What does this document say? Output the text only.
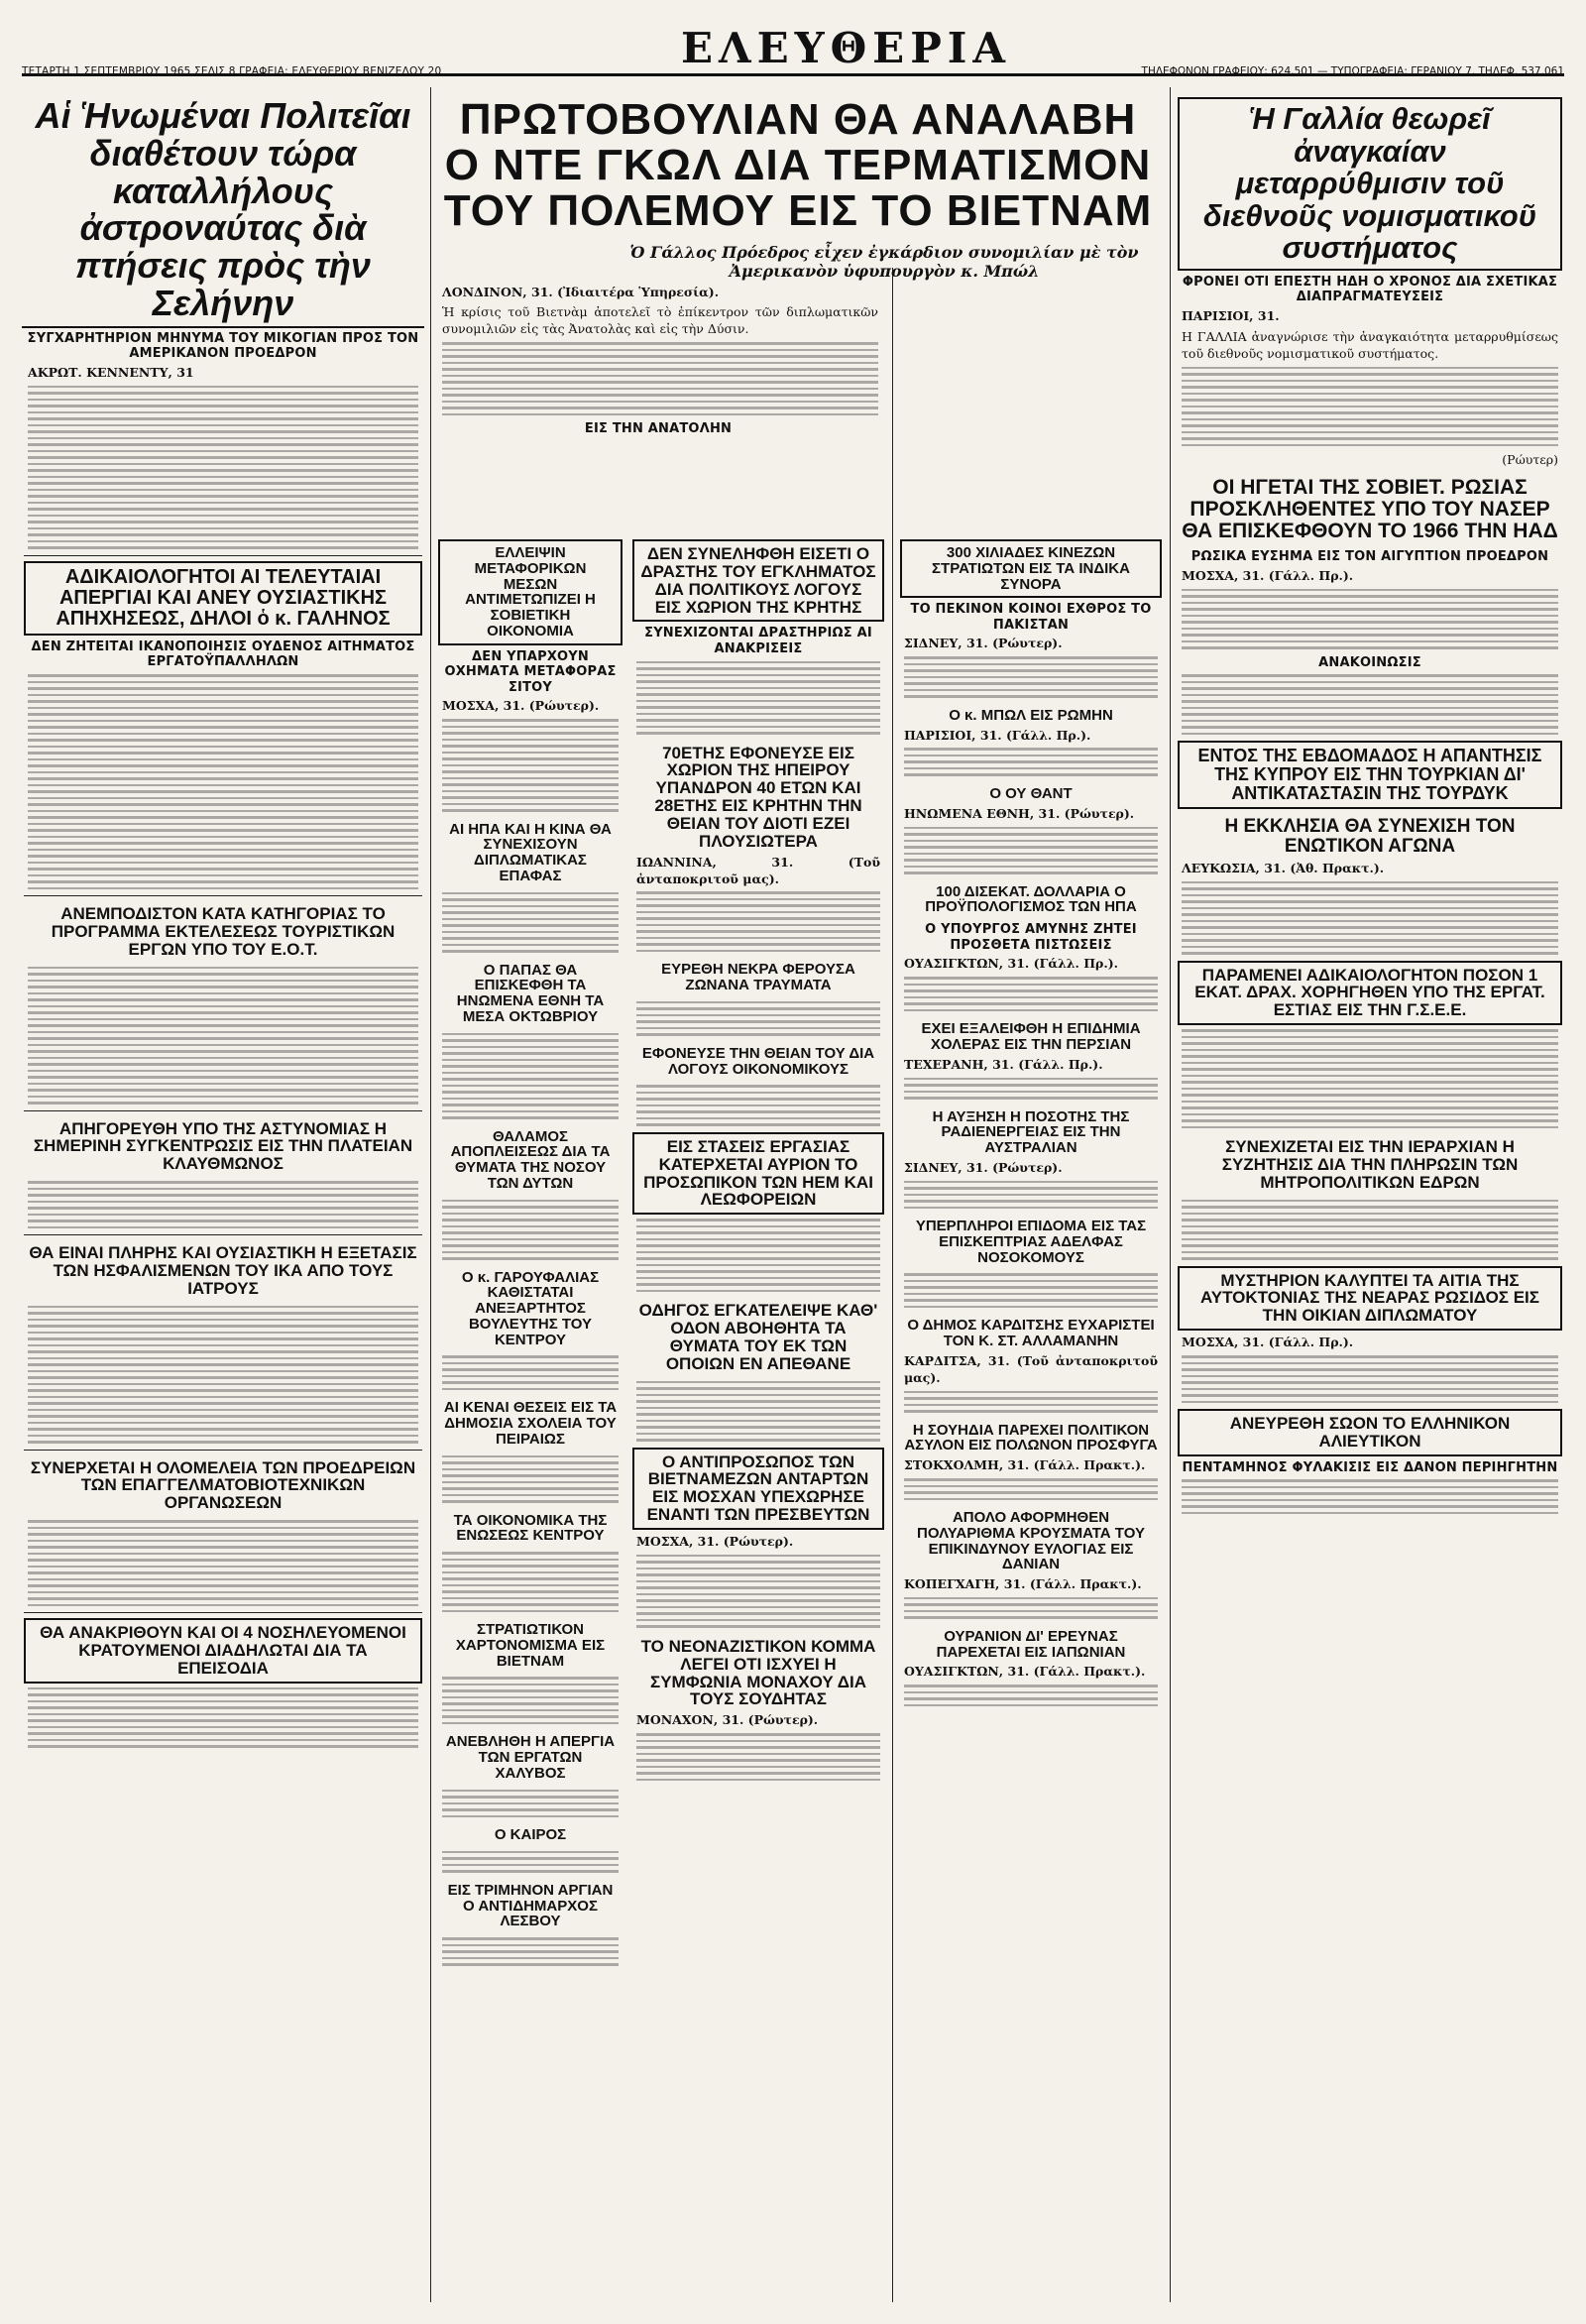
ΤΕΤΑΡΤΗ 1 ΣΕΠΤΕΜΒΡΙΟΥ 1965 ΣΕΛΙΣ 8 ΓΡΑΦΕΙΑ: ΕΛΕΥΘΕΡΙΟΥ ΒΕΝΙΖΕΛΟΥ 20	ΕΛΕΥΘΕΡΙΑ	ΤΗΛΕΦΩΝΟΝ ΓΡΑΦΕΙΟΥ: 624.501 — ΤΥΠΟΓΡΑΦΕΙΑ: ΓΕΡΑΝΙΟΥ 7. ΤΗΛΕΦ. 537.061
Αἱ Ἡνωμέναι Πολιτεῖαι διαθέτουν τώρα καταλλήλους ἀστροναύτας διὰ πτήσεις πρὸς τὴν Σελήνην
ΣΥΓΧΑΡΗΤΗΡΙΟΝ ΜΗΝΥΜΑ ΤΟΥ ΜΙΚΟΓΙΑΝ ΠΡΟΣ ΤΟΝ ΑΜΕΡΙΚΑΝΟΝ ΠΡΟΕΔΡΟΝ
ΑΚΡΩΤ. ΚΕΝΝΕΝΤΥ, 31
ΑΔΙΚΑΙΟΛΟΓΗΤΟΙ ΑΙ ΤΕΛΕΥΤΑΙΑΙ ΑΠΕΡΓΙΑΙ ΚΑΙ ΑΝΕΥ ΟΥΣΙΑΣΤΙΚΗΣ ΑΠΗΧΗΣΕΩΣ, ΔΗΛΟΙ ὁ κ. ΓΑΛΗΝΟΣ
ΔΕΝ ΖΗΤΕΙΤΑΙ ΙΚΑΝΟΠΟΙΗΣΙΣ ΟΥΔΕΝΟΣ ΑΙΤΗΜΑΤΟΣ ΕΡΓΑΤΟΫΠΑΛΛΗΛΩΝ
ΑΝΕΜΠΟΔΙΣΤΟΝ ΚΑΤΑ ΚΑΤΗΓΟΡΙΑΣ ΤΟ ΠΡΟΓΡΑΜΜΑ ΕΚΤΕΛΕΣΕΩΣ ΤΟΥΡΙΣΤΙΚΩΝ ΕΡΓΩΝ ΥΠΟ ΤΟΥ Ε.Ο.Τ.
ΑΠΗΓΟΡΕΥΘΗ ΥΠΟ ΤΗΣ ΑΣΤΥΝΟΜΙΑΣ Η ΣΗΜΕΡΙΝΗ ΣΥΓΚΕΝΤΡΩΣΙΣ ΕΙΣ ΤΗΝ ΠΛΑΤΕΙΑΝ ΚΛΑΥΘΜΩΝΟΣ
ΘΑ ΕΙΝΑΙ ΠΛΗΡΗΣ ΚΑΙ ΟΥΣΙΑΣΤΙΚΗ Η ΕΞΕΤΑΣΙΣ ΤΩΝ ΗΣΦΑΛΙΣΜΕΝΩΝ ΤΟΥ ΙΚΑ ΑΠΟ ΤΟΥΣ ΙΑΤΡΟΥΣ
ΣΥΝΕΡΧΕΤΑΙ Η ΟΛΟΜΕΛΕΙΑ ΤΩΝ ΠΡΟΕΔΡΕΙΩΝ ΤΩΝ ΕΠΑΓΓΕΛΜΑΤΟΒΙΟΤΕΧΝΙΚΩΝ ΟΡΓΑΝΩΣΕΩΝ
ΘΑ ΑΝΑΚΡΙΘΟΥΝ ΚΑΙ ΟΙ 4 ΝΟΣΗΛΕΥΟΜΕΝΟΙ ΚΡΑΤΟΥΜΕΝΟΙ ΔΙΑΔΗΛΩΤΑΙ ΔΙΑ ΤΑ ΕΠΕΙΣΟΔΙΑ
ΠΡΩΤΟΒΟΥΛΙΑΝ ΘΑ ΑΝΑΛΑΒΗ Ο ΝΤΕ ΓΚΩΛ ΔΙΑ ΤΕΡΜΑΤΙΣΜΟΝ ΤΟΥ ΠΟΛΕΜΟΥ ΕΙΣ ΤΟ ΒΙΕΤΝΑΜ
Ὁ Γάλλος Πρόεδρος εἶχεν ἐγκάρδιον συνομιλίαν μὲ τὸν Ἀμερικανὸν ὑφυπουργὸν κ. Μπώλ
ΛΟΝΔΙΝΟΝ, 31. (Ἰδιαιτέρα Ὑπηρεσία).
Ἡ κρίσις τοῦ Βιετνὰμ ἀποτελεῖ τὸ ἐπίκεντρον τῶν διπλωματικῶν συνομιλιῶν εἰς τὰς Ἀνατολὰς καὶ εἰς τὴν Δύσιν.
ΕΙΣ ΤΗΝ ΑΝΑΤΟΛΗΝ
ΕΛΛΕΙΨΙΝ ΜΕΤΑΦΟΡΙΚΩΝ ΜΕΣΩΝ ΑΝΤΙΜΕΤΩΠΙΖΕΙ Η ΣΟΒΙΕΤΙΚΗ ΟΙΚΟΝΟΜΙΑ
ΔΕΝ ΥΠΑΡΧΟΥΝ ΟΧΗΜΑΤΑ ΜΕΤΑΦΟΡΑΣ ΣΙΤΟΥ
ΜΟΣΧΑ, 31. (Ρώυτερ).
ΑΙ ΗΠΑ ΚΑΙ Η ΚΙΝΑ ΘΑ ΣΥΝΕΧΙΣΟΥΝ ΔΙΠΛΩΜΑΤΙΚΑΣ ΕΠΑΦΑΣ
Ο ΠΑΠΑΣ ΘΑ ΕΠΙΣΚΕΦΘΗ ΤΑ ΗΝΩΜΕΝΑ ΕΘΝΗ ΤΑ ΜΕΣΑ ΟΚΤΩΒΡΙΟΥ
ΘΑΛΑΜΟΣ ΑΠΟΠΛΕΙΣΕΩΣ ΔΙΑ ΤΑ ΘΥΜΑΤΑ ΤΗΣ ΝΟΣΟΥ ΤΩΝ ΔΥΤΩΝ
Ο κ. ΓΑΡΟΥΦΑΛΙΑΣ ΚΑΘΙΣΤΑΤΑΙ ΑΝΕΞΑΡΤΗΤΟΣ ΒΟΥΛΕΥΤΗΣ ΤΟΥ ΚΕΝΤΡΟΥ
ΑΙ ΚΕΝΑΙ ΘΕΣΕΙΣ ΕΙΣ ΤΑ ΔΗΜΟΣΙΑ ΣΧΟΛΕΙΑ ΤΟΥ ΠΕΙΡΑΙΩΣ
ΤΑ ΟΙΚΟΝΟΜΙΚΑ ΤΗΣ ΕΝΩΣΕΩΣ ΚΕΝΤΡΟΥ
ΣΤΡΑΤΙΩΤΙΚΟΝ ΧΑΡΤΟΝΟΜΙΣΜΑ ΕΙΣ ΒΙΕΤΝΑΜ
ΑΝΕΒΛΗΘΗ Η ΑΠΕΡΓΙΑ ΤΩΝ ΕΡΓΑΤΩΝ ΧΑΛΥΒΟΣ
Ο ΚΑΙΡΟΣ
ΕΙΣ ΤΡΙΜΗΝΟΝ ΑΡΓΙΑΝ Ο ΑΝΤΙΔΗΜΑΡΧΟΣ ΛΕΣΒΟΥ
ΔΕΝ ΣΥΝΕΛΗΦΘΗ ΕΙΣΕΤΙ Ο ΔΡΑΣΤΗΣ ΤΟΥ ΕΓΚΛΗΜΑΤΟΣ ΔΙΑ ΠΟΛΙΤΙΚΟΥΣ ΛΟΓΟΥΣ ΕΙΣ ΧΩΡΙΟΝ ΤΗΣ ΚΡΗΤΗΣ
ΣΥΝΕΧΙΖΟΝΤΑΙ ΔΡΑΣΤΗΡΙΩΣ ΑΙ ΑΝΑΚΡΙΣΕΙΣ
70ΕΤΗΣ ΕΦΟΝΕΥΣΕ ΕΙΣ ΧΩΡΙΟΝ ΤΗΣ ΗΠΕΙΡΟΥ ΥΠΑΝΔΡΟΝ 40 ΕΤΩΝ ΚΑΙ 28ΕΤΗΣ ΕΙΣ ΚΡΗΤΗΝ ΤΗΝ ΘΕΙΑΝ ΤΟΥ ΔΙΟΤΙ ΕΖΕΙ ΠΛΟΥΣΙΩΤΕΡΑ
ΙΩΑΝΝΙΝΑ, 31. (Τοῦ ἀνταποκριτοῦ μας).
ΕΥΡΕΘΗ ΝΕΚΡΑ ΦΕΡΟΥΣΑ ΖΩΝΑΝΑ ΤΡΑΥΜΑΤΑ
ΕΦΟΝΕΥΣΕ ΤΗΝ ΘΕΙΑΝ ΤΟΥ ΔΙΑ ΛΟΓΟΥΣ ΟΙΚΟΝΟΜΙΚΟΥΣ
ΕΙΣ ΣΤΑΣΕΙΣ ΕΡΓΑΣΙΑΣ ΚΑΤΕΡΧΕΤΑΙ ΑΥΡΙΟΝ ΤΟ ΠΡΟΣΩΠΙΚΟΝ ΤΩΝ ΗΕΜ ΚΑΙ ΛΕΩΦΟΡΕΙΩΝ
ΟΔΗΓΟΣ ΕΓΚΑΤΕΛΕΙΨΕ ΚΑΘ' ΟΔΟΝ ΑΒΟΗΘΗΤΑ ΤΑ ΘΥΜΑΤΑ ΤΟΥ ΕΚ ΤΩΝ ΟΠΟΙΩΝ ΕΝ ΑΠΕΘΑΝΕ
Ο ΑΝΤΙΠΡΟΣΩΠΟΣ ΤΩΝ ΒΙΕΤΝΑΜΕΖΩΝ ΑΝΤΑΡΤΩΝ ΕΙΣ ΜΟΣΧΑΝ ΥΠΕΧΩΡΗΣΕ ΕΝΑΝΤΙ ΤΩΝ ΠΡΕΣΒΕΥΤΩΝ
ΜΟΣΧΑ, 31. (Ρώυτερ).
ΤΟ ΝΕΟΝΑΖΙΣΤΙΚΟΝ ΚΟΜΜΑ ΛΕΓΕΙ ΟΤΙ ΙΣΧΥΕΙ Η ΣΥΜΦΩΝΙΑ ΜΟΝΑΧΟΥ ΔΙΑ ΤΟΥΣ ΣΟΥΔΗΤΑΣ
ΜΟΝΑΧΟΝ, 31. (Ρώυτερ).
300 ΧΙΛΙΑΔΕΣ ΚΙΝΕΖΩΝ ΣΤΡΑΤΙΩΤΩΝ ΕΙΣ ΤΑ ΙΝΔΙΚΑ ΣΥΝΟΡΑ
ΤΟ ΠΕΚΙΝΟΝ ΚΟΙΝΟΙ ΕΧΘΡΟΣ ΤΟ ΠΑΚΙΣΤΑΝ
ΣΙΔΝΕΥ, 31. (Ρώυτερ).
Ο κ. ΜΠΩΛ ΕΙΣ ΡΩΜΗΝ
ΠΑΡΙΣΙΟΙ, 31. (Γάλλ. Πρ.).
Ο ΟΥ ΘΑΝΤ
ΗΝΩΜΕΝΑ ΕΘΝΗ, 31. (Ρώυτερ).
100 ΔΙΣΕΚΑΤ. ΔΟΛΛΑΡΙΑ Ο ΠΡΟΫΠΟΛΟΓΙΣΜΟΣ ΤΩΝ ΗΠΑ
Ο ΥΠΟΥΡΓΟΣ ΑΜΥΝΗΣ ΖΗΤΕΙ ΠΡΟΣΘΕΤΑ ΠΙΣΤΩΣΕΙΣ
ΟΥΑΣΙΓΚΤΩΝ, 31. (Γάλλ. Πρ.).
ΕΧΕΙ ΕΞΑΛΕΙΦΘΗ Η ΕΠΙΔΗΜΙΑ ΧΟΛΕΡΑΣ ΕΙΣ ΤΗΝ ΠΕΡΣΙΑΝ
ΤΕΧΕΡΑΝΗ, 31. (Γάλλ. Πρ.).
Η ΑΥΞΗΣΗ Η ΠΟΣΟΤΗΣ ΤΗΣ ΡΑΔΙΕΝΕΡΓΕΙΑΣ ΕΙΣ ΤΗΝ ΑΥΣΤΡΑΛΙΑΝ
ΣΙΔΝΕΥ, 31. (Ρώυτερ).
ΥΠΕΡΠΛΗΡΟΙ ΕΠΙΔΟΜΑ ΕΙΣ ΤΑΣ ΕΠΙΣΚΕΠΤΡΙΑΣ ΑΔΕΛΦΑΣ ΝΟΣΟΚΟΜΟΥΣ
Ο ΔΗΜΟΣ ΚΑΡΔΙΤΣΗΣ ΕΥΧΑΡΙΣΤΕΙ ΤΟΝ Κ. ΣΤ. ΑΛΛΑΜΑΝΗΝ
ΚΑΡΔΙΤΣΑ, 31. (Τοῦ ἀνταποκριτοῦ μας).
Η ΣΟΥΗΔΙΑ ΠΑΡΕΧΕΙ ΠΟΛΙΤΙΚΟΝ ΑΣΥΛΟΝ ΕΙΣ ΠΟΛΩΝΟΝ ΠΡΟΣΦΥΓΑ
ΣΤΟΚΧΟΛΜΗ, 31. (Γάλλ. Πρακτ.).
ΑΠΟΛΟ ΑΦΟΡΜΗΘΕΝ ΠΟΛΥΑΡΙΘΜΑ ΚΡΟΥΣΜΑΤΑ ΤΟΥ ΕΠΙΚΙΝΔΥΝΟΥ ΕΥΛΟΓΙΑΣ ΕΙΣ ΔΑΝΙΑΝ
ΚΟΠΕΓΧΑΓΗ, 31. (Γάλλ. Πρακτ.).
ΟΥΡΑΝΙΟΝ ΔΙ' ΕΡΕΥΝΑΣ ΠΑΡΕΧΕΤΑΙ ΕΙΣ ΙΑΠΩΝΙΑΝ
ΟΥΑΣΙΓΚΤΩΝ, 31. (Γάλλ. Πρακτ.).
Ἡ Γαλλία θεωρεῖ ἀναγκαίαν μεταρρύθμισιν τοῦ διεθνοῦς νομισματικοῦ συστήματος
ΦΡΟΝΕΙ ΟΤΙ ΕΠΕΣΤΗ ΗΔΗ Ο ΧΡΟΝΟΣ ΔΙΑ ΣΧΕΤΙΚΑΣ ΔΙΑΠΡΑΓΜΑΤΕΥΣΕΙΣ
ΠΑΡΙΣΙΟΙ, 31.
Η ΓΑΛΛΙΑ ἀναγνώρισε τὴν ἀναγκαιότητα μεταρρυθμίσεως τοῦ διεθνοῦς νομισματικοῦ συστήματος.
(Ρώυτερ)
ΟΙ ΗΓΕΤΑΙ ΤΗΣ ΣΟΒΙΕΤ. ΡΩΣΙΑΣ ΠΡΟΣΚΛΗΘΕΝΤΕΣ ΥΠΟ ΤΟΥ ΝΑΣΕΡ ΘΑ ΕΠΙΣΚΕΦΘΟΥΝ ΤΟ 1966 ΤΗΝ ΗΑΔ
ΡΩΣΙΚΑ ΕΥΣΗΜΑ ΕΙΣ ΤΟΝ ΑΙΓΥΠΤΙΟΝ ΠΡΟΕΔΡΟΝ
ΜΟΣΧΑ, 31. (Γάλλ. Πρ.).
ΑΝΑΚΟΙΝΩΣΙΣ
ΕΝΤΟΣ ΤΗΣ ΕΒΔΟΜΑΔΟΣ Η ΑΠΑΝΤΗΣΙΣ ΤΗΣ ΚΥΠΡΟΥ ΕΙΣ ΤΗΝ ΤΟΥΡΚΙΑΝ ΔΙ' ΑΝΤΙΚΑΤΑΣΤΑΣΙΝ ΤΗΣ ΤΟΥΡΔΥΚ
Η ΕΚΚΛΗΣΙΑ ΘΑ ΣΥΝΕΧΙΣΗ ΤΟΝ ΕΝΩΤΙΚΟΝ ΑΓΩΝΑ
ΛΕΥΚΩΣΙΑ, 31. (Ἀθ. Πρακτ.).
ΠΑΡΑΜΕΝΕΙ ΑΔΙΚΑΙΟΛΟΓΗΤΟΝ ΠΟΣΟΝ 1 ΕΚΑΤ. ΔΡΑΧ. ΧΟΡΗΓΗΘΕΝ ΥΠΟ ΤΗΣ ΕΡΓΑΤ. ΕΣΤΙΑΣ ΕΙΣ ΤΗΝ Γ.Σ.Ε.Ε.
ΣΥΝΕΧΙΖΕΤΑΙ ΕΙΣ ΤΗΝ ΙΕΡΑΡΧΙΑΝ Η ΣΥΖΗΤΗΣΙΣ ΔΙΑ ΤΗΝ ΠΛΗΡΩΣΙΝ ΤΩΝ ΜΗΤΡΟΠΟΛΙΤΙΚΩΝ ΕΔΡΩΝ
ΜΥΣΤΗΡΙΟΝ ΚΑΛΥΠΤΕΙ ΤΑ ΑΙΤΙΑ ΤΗΣ ΑΥΤΟΚΤΟΝΙΑΣ ΤΗΣ ΝΕΑΡΑΣ ΡΩΣΙΔΟΣ ΕΙΣ ΤΗΝ ΟΙΚΙΑΝ ΔΙΠΛΩΜΑΤΟΥ
ΜΟΣΧΑ, 31. (Γάλλ. Πρ.).
ΑΝΕΥΡΕΘΗ ΣΩΟΝ ΤΟ ΕΛΛΗΝΙΚΟΝ ΑΛΙΕΥΤΙΚΟΝ
ΠΕΝΤΑΜΗΝΟΣ ΦΥΛΑΚΙΣΙΣ ΕΙΣ ΔΑΝΟΝ ΠΕΡΙΗΓΗΤΗΝ
